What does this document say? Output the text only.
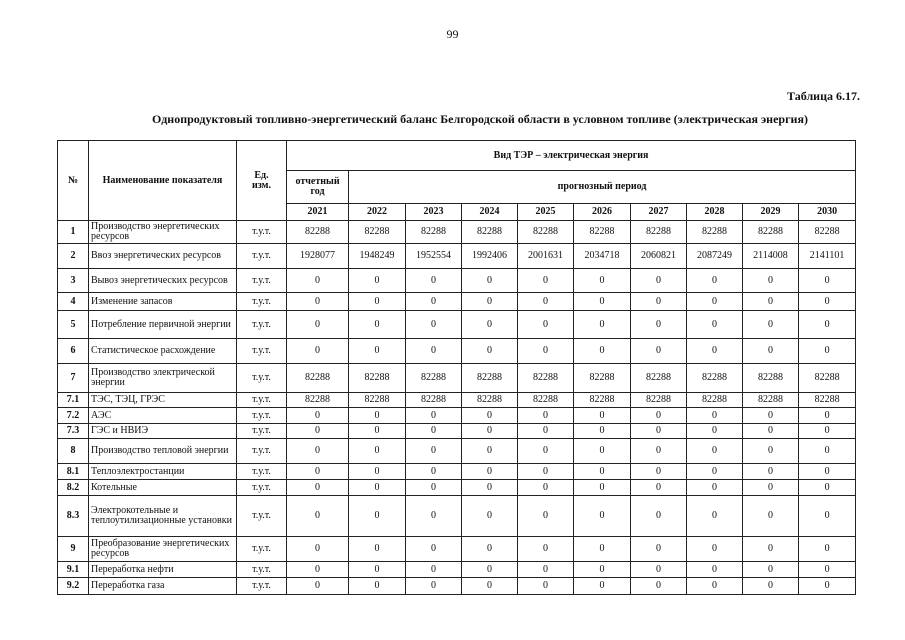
99
Таблица 6.17.
Однопродуктовый топливно-энергетический баланс Белгородской области в условном топливе (электрическая энергия)
№	Наименование показателя	Ед. изм.	Вид ТЭР – электрическая энергия									
			отчетный год	прогнозный период								
			2021	2022	2023	2024	2025	2026	2027	2028	2029	2030
1	Производство энергетических ресурсов	т.у.т.	82288	82288	82288	82288	82288	82288	82288	82288	82288	82288
2	Ввоз энергетических ресурсов	т.у.т.	1928077	1948249	1952554	1992406	2001631	2034718	2060821	2087249	2114008	2141101
3	Вывоз энергетических ресурсов	т.у.т.	0	0	0	0	0	0	0	0	0	0
4	Изменение запасов	т.у.т.	0	0	0	0	0	0	0	0	0	0
5	Потребление первичной энергии	т.у.т.	0	0	0	0	0	0	0	0	0	0
6	Статистическое расхождение	т.у.т.	0	0	0	0	0	0	0	0	0	0
7	Производство электрической энергии	т.у.т.	82288	82288	82288	82288	82288	82288	82288	82288	82288	82288
7.1	ТЭС, ТЭЦ, ГРЭС	т.у.т.	82288	82288	82288	82288	82288	82288	82288	82288	82288	82288
7.2	АЭС	т.у.т.	0	0	0	0	0	0	0	0	0	0
7.3	ГЭС и НВИЭ	т.у.т.	0	0	0	0	0	0	0	0	0	0
8	Производство тепловой энергии	т.у.т.	0	0	0	0	0	0	0	0	0	0
8.1	Теплоэлектростанции	т.у.т.	0	0	0	0	0	0	0	0	0	0
8.2	Котельные	т.у.т.	0	0	0	0	0	0	0	0	0	0
8.3	Электрокотельные и теплоутилизационные установки	т.у.т.	0	0	0	0	0	0	0	0	0	0
9	Преобразование энергетических ресурсов	т.у.т.	0	0	0	0	0	0	0	0	0	0
9.1	Переработка нефти	т.у.т.	0	0	0	0	0	0	0	0	0	0
9.2	Переработка газа	т.у.т.	0	0	0	0	0	0	0	0	0	0
